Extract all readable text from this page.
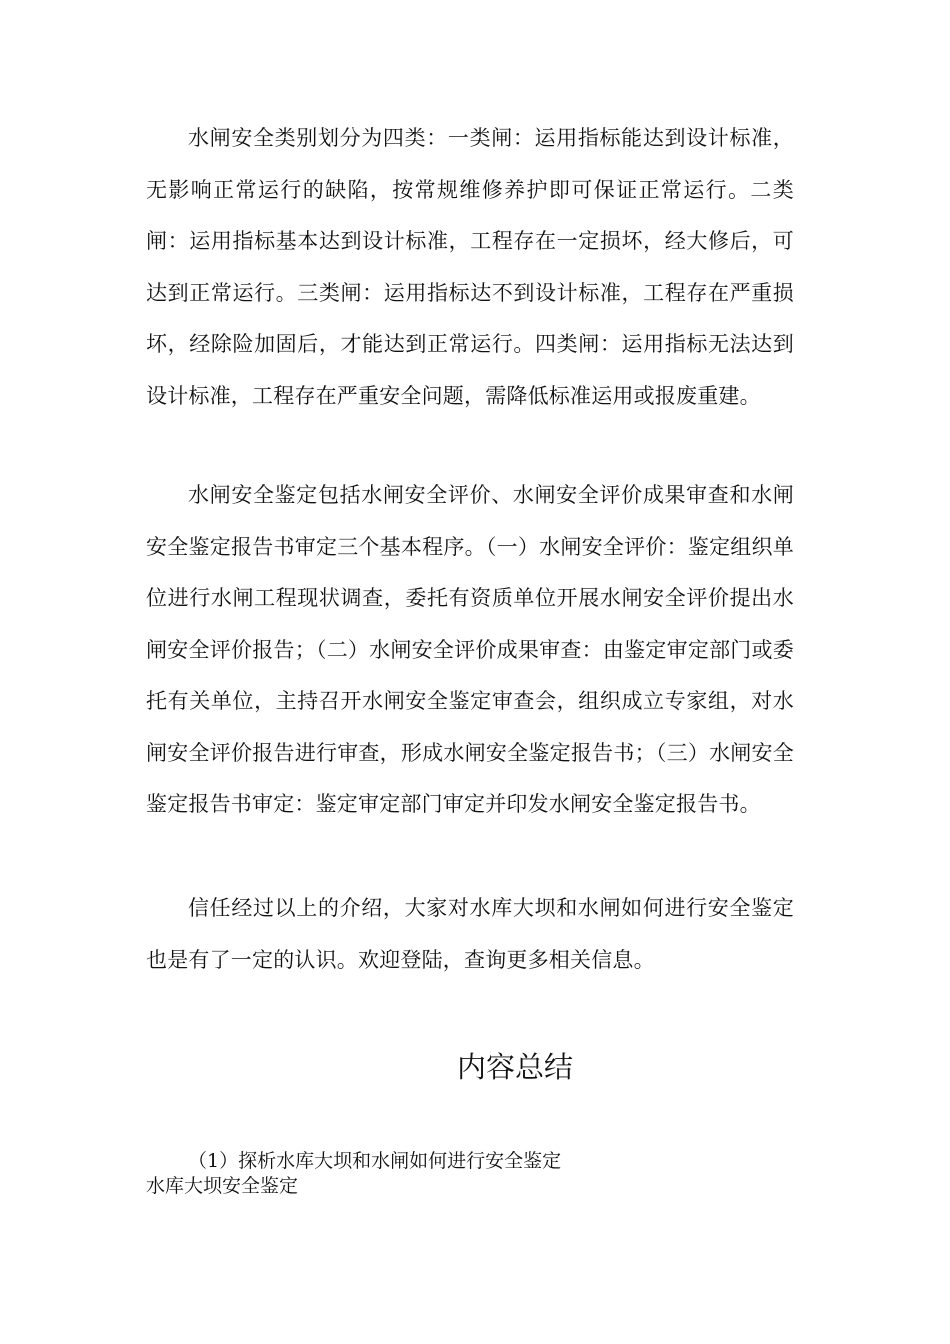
水闸安全类别划分为四类：一类闸：运用指标能达到设计标准，无影响正常运行的缺陷，按常规维修养护即可保证正常运行。二类闸：运用指标基本达到设计标准，工程存在一定损坏，经大修后，可达到正常运行。三类闸：运用指标达不到设计标准，工程存在严重损坏，经除险加固后，才能达到正常运行。四类闸：运用指标无法达到设计标准，工程存在严重安全问题，需降低标准运用或报废重建。

水闸安全鉴定包括水闸安全评价、水闸安全评价成果审查和水闸安全鉴定报告书审定三个基本程序。（一）水闸安全评价：鉴定组织单位进行水闸工程现状调查，委托有资质单位开展水闸安全评价提出水闸安全评价报告；（二）水闸安全评价成果审查：由鉴定审定部门或委托有关单位，主持召开水闸安全鉴定审查会，组织成立专家组，对水闸安全评价报告进行审查，形成水闸安全鉴定报告书；（三）水闸安全鉴定报告书审定：鉴定审定部门审定并印发水闸安全鉴定报告书。

信任经过以上的介绍，大家对水库大坝和水闸如何进行安全鉴定也是有了一定的认识。欢迎登陆，查询更多相关信息。

内容总结

（1）探析水库大坝和水闸如何进行安全鉴定

水库大坝安全鉴定
